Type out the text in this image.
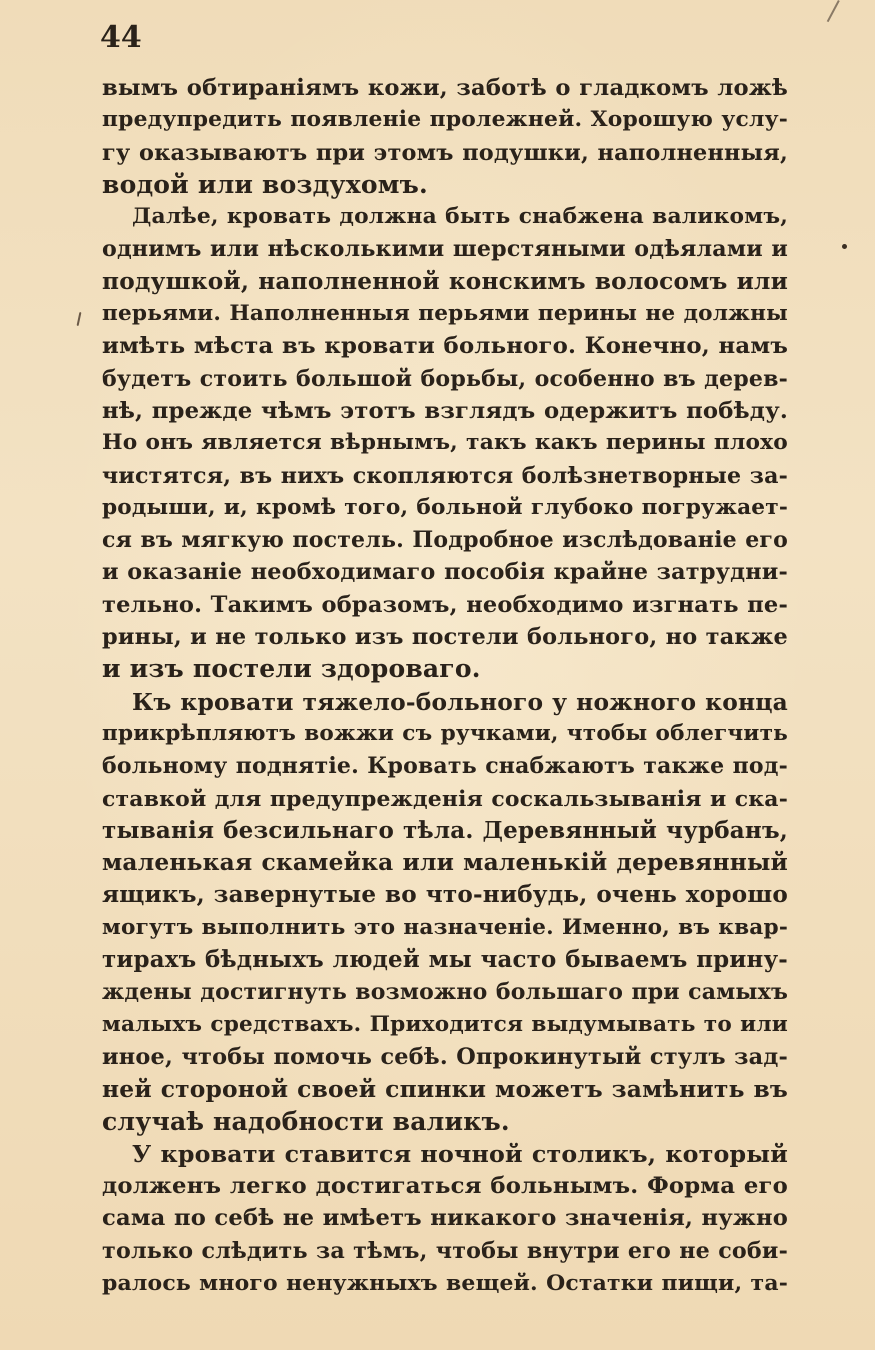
44
вымъ обтираніямъ кожи, заботѣ о гладкомъ ложѣ
предупредить появленіе пролежней. Хорошую услу-
гу оказываютъ при этомъ подушки, наполненныя,
водой или воздухомъ.
Далѣе, кровать должна быть снабжена валикомъ,
однимъ или нѣсколькими шерстяными одѣялами и
подушкой, наполненной конскимъ волосомъ или
перьями. Наполненныя перьями перины не должны
имѣть мѣста въ кровати больного. Конечно, намъ
будетъ стоить большой борьбы, особенно въ дерев-
нѣ, прежде чѣмъ этотъ взглядъ одержитъ побѣду.
Но онъ является вѣрнымъ, такъ какъ перины плохо
чистятся, въ нихъ скопляются болѣзнетворные за-
родыши, и, кромѣ того, больной глубоко погружает-
ся въ мягкую постель. Подробное изслѣдованіе его
и оказаніе необходимаго пособія крайне затрудни-
тельно. Такимъ образомъ, необходимо изгнать пе-
рины, и не только изъ постели больного, но также
и изъ постели здороваго.
Къ кровати тяжело-больного у ножного конца
прикрѣпляютъ вожжи съ ручками, чтобы облегчить
больному поднятіе. Кровать снабжаютъ также под-
ставкой для предупрежденія соскальзыванія и ска-
тыванія безсильнаго тѣла. Деревянный чурбанъ,
маленькая скамейка или маленькій деревянный
ящикъ, завернутые во что-нибудь, очень хорошо
могутъ выполнить это назначеніе. Именно, въ квар-
тирахъ бѣдныхъ людей мы часто бываемъ прину-
ждены достигнуть возможно большаго при самыхъ
малыхъ средствахъ. Приходится выдумывать то или
иное, чтобы помочь себѣ. Опрокинутый стулъ зад-
ней стороной своей спинки можетъ замѣнить въ
случаѣ надобности валикъ.
У кровати ставится ночной столикъ, который
долженъ легко достигаться больнымъ. Форма его
сама по себѣ не имѣетъ никакого значенія, нужно
только слѣдить за тѣмъ, чтобы внутри его не соби-
ралось много ненужныхъ вещей. Остатки пищи, та-
